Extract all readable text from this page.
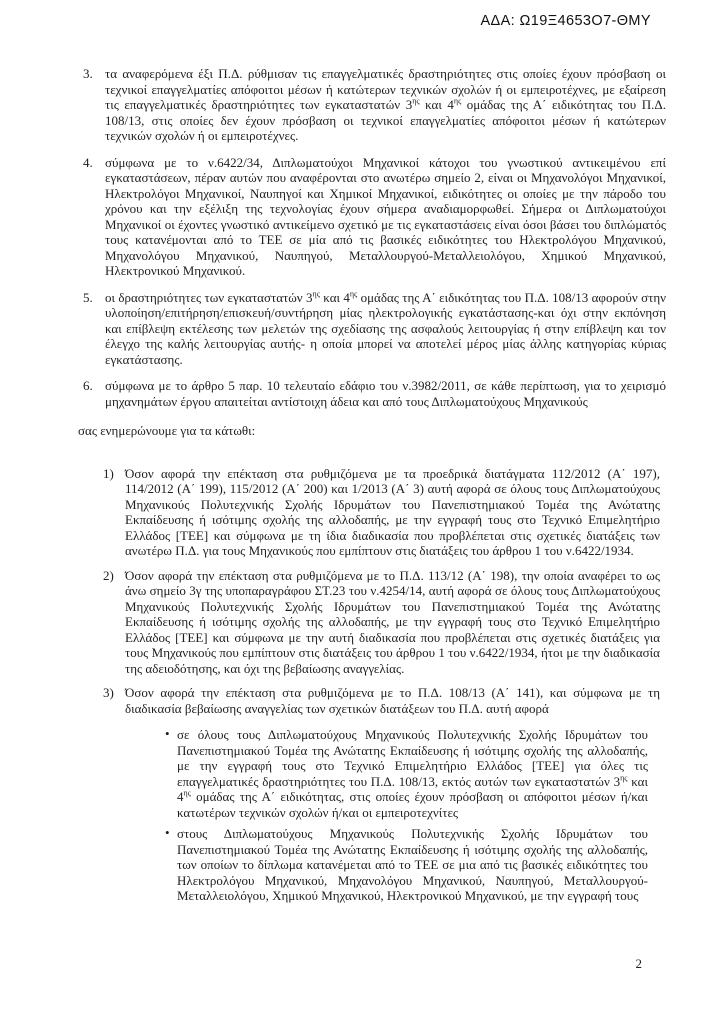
ΑΔΑ: Ω19Ξ4653Ο7-ΘΜΥ
3. τα αναφερόμενα έξι Π.Δ. ρύθμισαν τις επαγγελματικές δραστηριότητες στις οποίες έχουν πρόσβαση οι τεχνικοί επαγγελματίες απόφοιτοι μέσων ή κατώτερων τεχνικών σχολών ή οι εμπειροτέχνες, με εξαίρεση τις επαγγελματικές δραστηριότητες των εγκαταστατών $3^{\eta\varsigma}$ και $4^{\eta\varsigma}$ ομάδας της Α΄ ειδικότητας του Π.Δ. 108/13, στις οποίες δεν έχουν πρόσβαση οι τεχνικοί επαγγελματίες απόφοιτοι μέσων ή κατώτερων τεχνικών σχολών ή οι εμπειροτέχνες.
4. σύμφωνα με το ν.6422/34, Διπλωματούχοι Μηχανικοί κάτοχοι του γνωστικού αντικειμένου επί εγκαταστάσεων, πέραν αυτών που αναφέρονται στο ανωτέρω σημείο 2, είναι οι Μηχανολόγοι Μηχανικοί, Ηλεκτρολόγοι Μηχανικοί, Ναυπηγοί και Χημικοί Μηχανικοί, ειδικότητες οι οποίες με την πάροδο του χρόνου και την εξέλιξη της τεχνολογίας έχουν σήμερα αναδιαμορφωθεί. Σήμερα οι Διπλωματούχοι Μηχανικοί οι έχοντες γνωστικό αντικείμενο σχετικό με τις εγκαταστάσεις είναι όσοι βάσει του διπλώματός τους κατανέμονται από το ΤΕΕ σε μία από τις βασικές ειδικότητες του Ηλεκτρολόγου Μηχανικού, Μηχανολόγου Μηχανικού, Ναυπηγού, Μεταλλουργού-Μεταλλειολόγου, Χημικού Μηχανικού, Ηλεκτρονικού Μηχανικού.
5. οι δραστηριότητες των εγκαταστατών $3^{\eta\varsigma}$ και $4^{\eta\varsigma}$ ομάδας της Α΄ ειδικότητας του Π.Δ. 108/13 αφορούν στην υλοποίηση/επιτήρηση/επισκευή/συντήρηση μίας ηλεκτρολογικής εγκατάστασης-και όχι στην εκπόνηση και επίβλεψη εκτέλεσης των μελετών της σχεδίασης της ασφαλούς λειτουργίας ή στην επίβλεψη και τον έλεγχο της καλής λειτουργίας αυτής- η οποία μπορεί να αποτελεί μέρος μίας άλλης κατηγορίας κύριας εγκατάστασης.
6. σύμφωνα με το άρθρο 5 παρ. 10 τελευταίο εδάφιο του ν.3982/2011, σε κάθε περίπτωση, για το χειρισμό μηχανημάτων έργου απαιτείται αντίστοιχη άδεια και από τους Διπλωματούχους Μηχανικούς

σας ενημερώνουμε για τα κάτωθι:

1) Όσον αφορά την επέκταση στα ρυθμιζόμενα με τα προεδρικά διατάγματα 112/2012 (Α΄ 197), 114/2012 (Α΄ 199), 115/2012 (Α΄ 200) και 1/2013 (Α΄ 3) αυτή αφορά σε όλους τους Διπλωματούχους Μηχανικούς Πολυτεχνικής Σχολής Ιδρυμάτων του Πανεπιστημιακού Τομέα της Ανώτατης Εκπαίδευσης ή ισότιμης σχολής της αλλοδαπής, με την εγγραφή τους στο Τεχνικό Επιμελητήριο Ελλάδος [ΤΕΕ] και σύμφωνα με τη ίδια διαδικασία που προβλέπεται στις σχετικές διατάξεις των ανωτέρω Π.Δ. για τους Μηχανικούς που εμπίπτουν στις διατάξεις του άρθρου 1 του ν.6422/1934.
2) Όσον αφορά την επέκταση στα ρυθμιζόμενα με το Π.Δ. 113/12 (Α΄ 198), την οποία αναφέρει το ως άνω σημείο 3γ της υποπαραγράφου ΣΤ.23 του ν.4254/14, αυτή αφορά σε όλους τους Διπλωματούχους Μηχανικούς Πολυτεχνικής Σχολής Ιδρυμάτων του Πανεπιστημιακού Τομέα της Ανώτατης Εκπαίδευσης ή ισότιμης σχολής της αλλοδαπής, με την εγγραφή τους στο Τεχνικό Επιμελητήριο Ελλάδος [ΤΕΕ] και σύμφωνα με την αυτή διαδικασία που προβλέπεται στις σχετικές διατάξεις για τους Μηχανικούς που εμπίπτουν στις διατάξεις του άρθρου 1 του ν.6422/1934, ήτοι με την διαδικασία της αδειοδότησης, και όχι της βεβαίωσης αναγγελίας.
3) Όσον αφορά την επέκταση στα ρυθμιζόμενα με το Π.Δ. 108/13 (Α΄ 141), και σύμφωνα με τη διαδικασία βεβαίωσης αναγγελίας των σχετικών διατάξεων του Π.Δ. αυτή αφορά
• σε όλους τους Διπλωματούχους Μηχανικούς Πολυτεχνικής Σχολής Ιδρυμάτων του Πανεπιστημιακού Τομέα της Ανώτατης Εκπαίδευσης ή ισότιμης σχολής της αλλοδαπής, με την εγγραφή τους στο Τεχνικό Επιμελητήριο Ελλάδος [ΤΕΕ] για όλες τις επαγγελματικές δραστηριότητες του Π.Δ. 108/13, εκτός αυτών των εγκαταστατών $3^{\eta\varsigma}$ και $4^{\eta\varsigma}$ ομάδας της Α΄ ειδικότητας, στις οποίες έχουν πρόσβαση οι απόφοιτοι μέσων ή/και κατωτέρων τεχνικών σχολών ή/και οι εμπειροτεχνίτες
• στους Διπλωματούχους Μηχανικούς Πολυτεχνικής Σχολής Ιδρυμάτων του Πανεπιστημιακού Τομέα της Ανώτατης Εκπαίδευσης ή ισότιμης σχολής της αλλοδαπής, των οποίων το δίπλωμα κατανέμεται από το ΤΕΕ σε μια από τις βασικές ειδικότητες του Ηλεκτρολόγου Μηχανικού, Μηχανολόγου Μηχανικού, Ναυπηγού, Μεταλλουργού-Μεταλλειολόγου, Χημικού Μηχανικού, Ηλεκτρονικού Μηχανικού, με την εγγραφή τους
2
